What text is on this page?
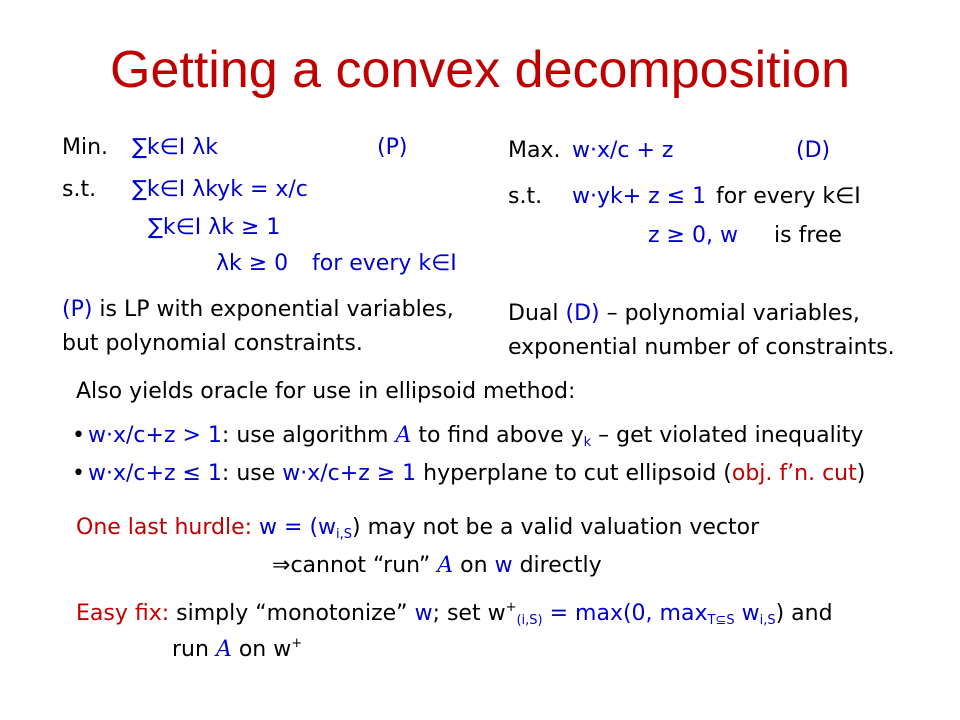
Getting a convex decomposition
Min. ∑k∈I λk	(P)
s.t. ∑k∈I λkyk = x/c
∑k∈I λk ≥ 1
λk ≥ 0 for every k∈I
(P) is LP with exponential variables,
but polynomial constraints.
Max. w·x/c + z	(D)
s.t. w·yk+ z ≤ 1 for every k∈I
z ≥ 0, w is free
Dual (D) – polynomial variables,
exponential number of constraints.
Also yields oracle for use in ellipsoid method:
• w·x/c+z > 1: use algorithm A to find above $y_k$ – get violated inequality
• w·x/c+z ≤ 1: use w·x/c+z ≥ 1 hyperplane to cut ellipsoid (obj. f’n. cut)
One last hurdle: $w = (w_{i,S})$ may not be a valid valuation vector
⇒cannot “run” A on w directly
Easy fix: simply “monotonize” w; set $w^+_{(i,S)} = \max(0$, $\max_{T⊆S} w_{i,S}$) and
run A on w+
